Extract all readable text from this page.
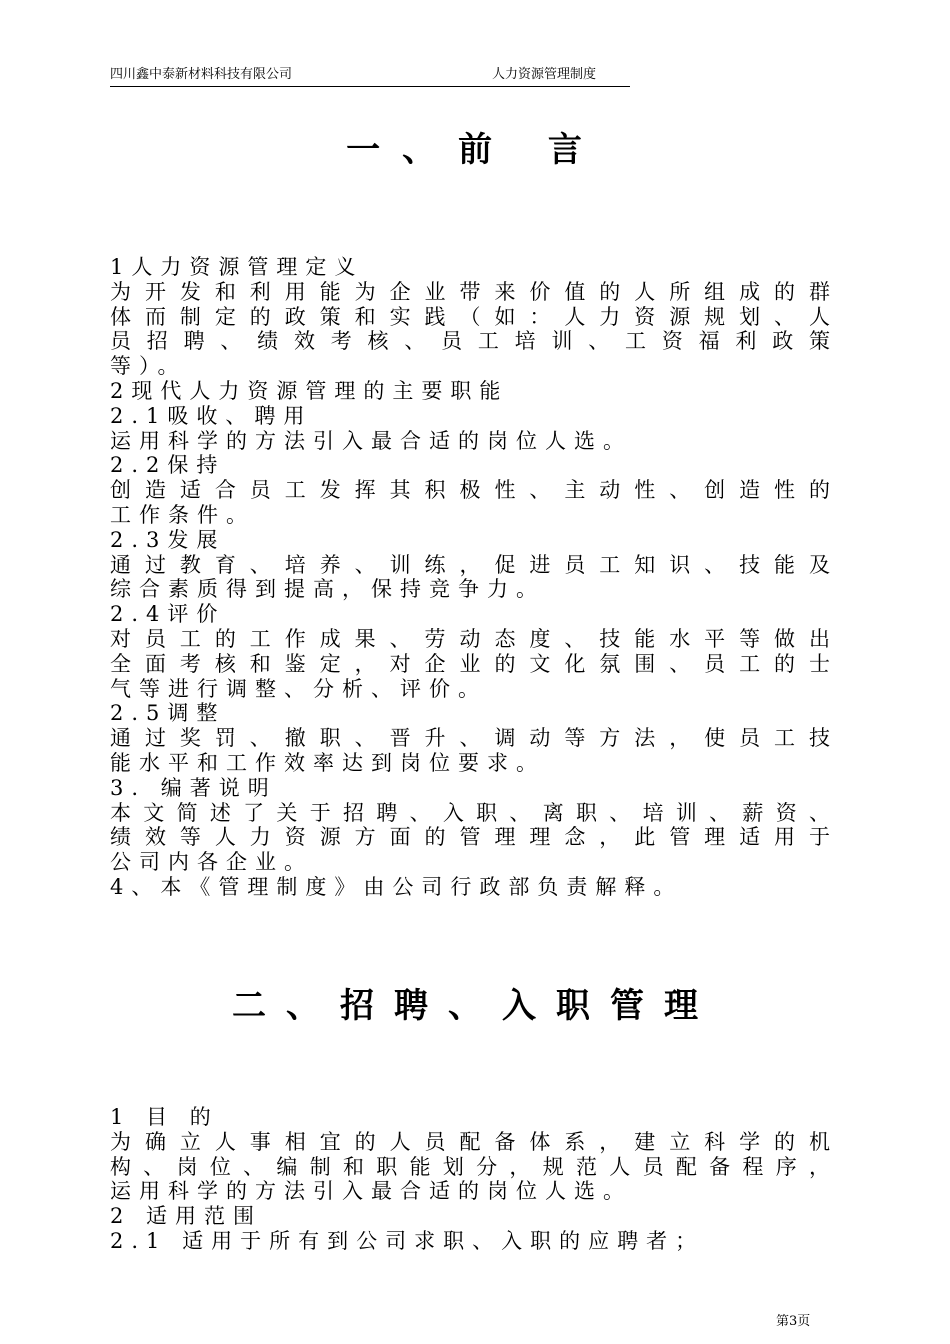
四川鑫中泰新材料科技有限公司	人力资源管理制度
一、前 言
1人力资源管理定义
为开发和利用能为企业带来价值的人所组成的群
体而制定的政策和实践（如：人力资源规划、人
员招聘、绩效考核、员工培训、工资福利政策
等）。
2现代人力资源管理的主要职能
2.1吸收、聘用
运用科学的方法引入最合适的岗位人选。
2.2保持
创造适合员工发挥其积极性、主动性、创造性的
工作条件。
2.3发展
通过教育、培养、训练，促进员工知识、技能及
综合素质得到提高，保持竞争力。
2.4评价
对员工的工作成果、劳动态度、技能水平等做出
全面考核和鉴定，对企业的文化氛围、员工的士
气等进行调整、分析、评价。
2.5调整
通过奖罚、撤职、晋升、调动等方法，使员工技
能水平和工作效率达到岗位要求。
3. 编著说明
本文简述了关于招聘、入职、离职、培训、薪资、
绩效等人力资源方面的管理理念，此管理适用于
公司内各企业。
4、本《管理制度》由公司行政部负责解释。
二、招聘、入职管理
1 目 的
为确立人事相宜的人员配备体系，建立科学的机
构、岗位、编制和职能划分，规范人员配备程序，
运用科学的方法引入最合适的岗位人选。
2 适用范围
2.1 适用于所有到公司求职、入职的应聘者；
第3页
